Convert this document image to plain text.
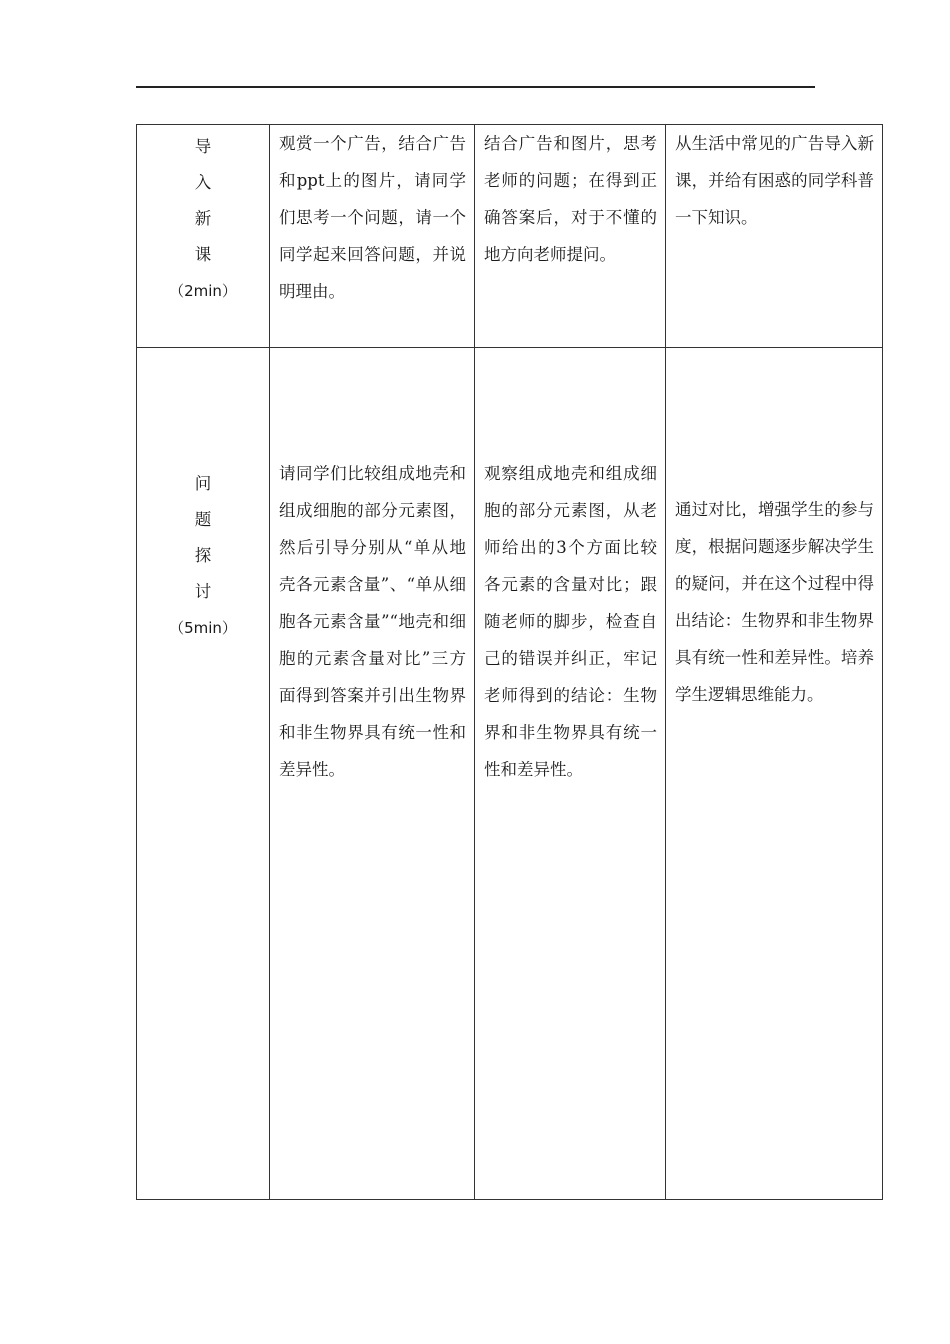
导
入
新
课
（2min）	观赏一个广告，结合广告和ppt上的图片，请同学们思考一个问题，请一个同学起来回答问题，并说明理由。	结合广告和图片，思考老师的问题；在得到正确答案后，对于不懂的地方向老师提问。	从生活中常见的广告导入新课，并给有困惑的同学科普一下知识。

问
题
探
讨
（5min）	请同学们比较组成地壳和组成细胞的部分元素图，然后引导分别从“单从地壳各元素含量”、“单从细胞各元素含量”“地壳和细胞的元素含量对比”三方面得到答案并引出生物界和非生物界具有统一性和差异性。	观察组成地壳和组成细胞的部分元素图，从老师给出的3个方面比较各元素的含量对比；跟随老师的脚步，检查自己的错误并纠正，牢记老师得到的结论：生物界和非生物界具有统一性和差异性。	通过对比，增强学生的参与度，根据问题逐步解决学生的疑问，并在这个过程中得出结论：生物界和非生物界具有统一性和差异性。培养学生逻辑思维能力。
